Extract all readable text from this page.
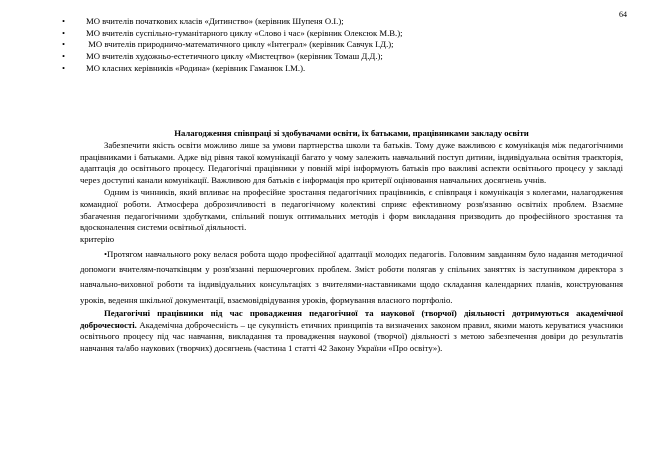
64
• МО вчителів початкових класів «Дитинство» (керівник Шупеня О.І.);
• МО вчителів суспільно-гуманітарного циклу «Слово і час» (керівник Олексюк М.В.);
• МО вчителів природничо-математичного циклу «Інтеграл» (керівник Савчук І.Д.);
• МО вчителів художньо-естетичного циклу «Мистецтво» (керівник Томаш Д.Д.);
• МО класних керівників «Родина» (керівник Гаманюк І.М.).

Налагодження співпраці зі здобувачами освіти, їх батьками, працівниками закладу освіти

Забезпечити якість освіти можливо лише за умови партнерства школи та батьків. Тому дуже важливою є комунікація між педагогічними працівниками і батьками. Адже від рівня такої комунікації багато у чому залежить навчальний поступ дитини, індивідуальна освітня траєкторія, адаптація до освітнього процесу. Педагогічні працівники у повній мірі інформують батьків про важливі аспекти освітнього процесу у закладі через доступні канали комунікації. Важливою для батьків є інформація про критерії оцінювання навчальних досягнень учнів.

Одним із чинників, який впливає на професійне зростання педагогічних працівників, є співпраця і комунікація з колегами, налагодження командної роботи. Атмосфера доброзичливості в педагогічному колективі сприяє ефективному розв'язанню освітніх проблем. Взаємне збагачення педагогічними здобутками, спільний пошук оптимальних методів і форм викладання призводить до професійного зростання та вдосконалення системи освітньої діяльності.

критерію

•Протягом навчального року велася робота щодо професійної адаптації молодих педагогів. Головним завданням було надання методичної допомоги вчителям-початківцям у розв'язанні першочергових проблем. Зміст роботи полягав у спільних заняттях із заступником директора з навчально-виховної роботи та індивідуальних консультаціях з вчителями-наставниками щодо складання календарних планів, конструювання уроків, ведення шкільної документації, взаємовідвідування уроків, формування власного портфоліо.

Педагогічні працівники під час провадження педагогічної та наукової (творчої) діяльності дотримуються академічної доброчесності. Академічна доброчесність – це сукупність етичних принципів та визначених законом правил, якими мають керуватися учасники освітнього процесу під час навчання, викладання та провадження наукової (творчої) діяльності з метою забезпечення довіри до результатів навчання та/або наукових (творчих) досягнень (частина 1 статті 42 Закону України «Про освіту»).
